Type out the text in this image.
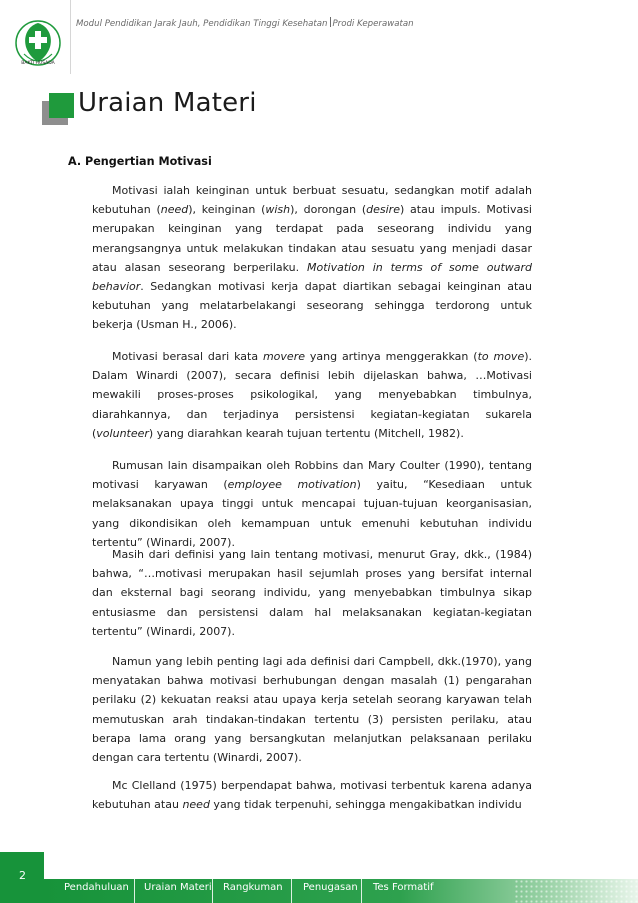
BAKTI HUSADA
Modul Pendidikan Jarak Jauh, Pendidikan Tinggi Kesehatan Prodi Keperawatan
Uraian Materi
A. Pengertian Motivasi
Motivasi ialah keinginan untuk berbuat sesuatu, sedangkan motif adalah kebutuhan (need), keinginan (wish), dorongan (desire) atau impuls. Motivasi merupakan keinginan yang terdapat pada seseorang individu yang merangsangnya untuk melakukan tindakan atau sesuatu yang menjadi dasar atau alasan seseorang berperilaku. Motivation in terms of some outward behavior. Sedangkan motivasi kerja dapat diartikan sebagai keinginan atau kebutuhan yang melatarbelakangi seseorang sehingga terdorong untuk bekerja (Usman H., 2006).
Motivasi berasal dari kata movere yang artinya menggerakkan (to move). Dalam Winardi (2007), secara definisi lebih dijelaskan bahwa, …Motivasi mewakili proses-proses psikologikal, yang menyebabkan timbulnya, diarahkannya, dan terjadinya persistensi kegiatan-kegiatan sukarela (volunteer) yang diarahkan kearah tujuan tertentu (Mitchell, 1982).
Rumusan lain disampaikan oleh Robbins dan Mary Coulter (1990), tentang motivasi karyawan (employee motivation) yaitu, “Kesediaan untuk melaksanakan upaya tinggi untuk mencapai tujuan-tujuan keorganisasian, yang dikondisikan oleh kemampuan untuk emenuhi kebutuhan individu tertentu” (Winardi, 2007).
Masih dari definisi yang lain tentang motivasi, menurut Gray, dkk., (1984) bahwa, “…motivasi merupakan hasil sejumlah proses yang bersifat internal dan eksternal bagi seorang individu, yang menyebabkan timbulnya sikap entusiasme dan persistensi dalam hal melaksanakan kegiatan-kegiatan tertentu” (Winardi, 2007).
Namun yang lebih penting lagi ada definisi dari Campbell, dkk.(1970), yang menyatakan bahwa motivasi berhubungan dengan masalah (1) pengarahan perilaku (2) kekuatan reaksi atau upaya kerja setelah seorang karyawan telah memutuskan arah tindakan-tindakan tertentu (3) persisten perilaku, atau berapa lama orang yang bersangkutan melanjutkan pelaksanaan perilaku dengan cara tertentu (Winardi, 2007).
Mc Clelland (1975) berpendapat bahwa, motivasi terbentuk karena adanya kebutuhan atau need yang tidak terpenuhi, sehingga mengakibatkan individu
2
Pendahuluan Uraian Materi Rangkuman Penugasan Tes Formatif
